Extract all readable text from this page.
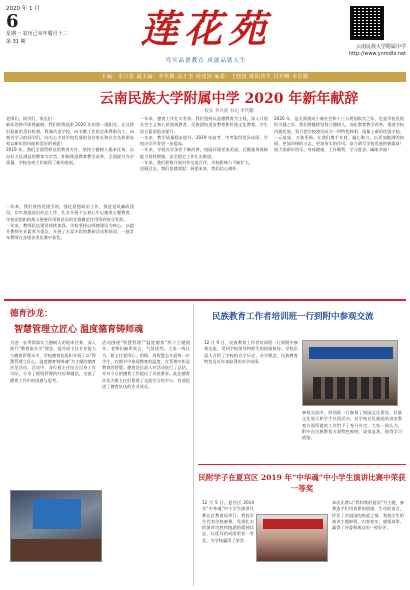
2020 年 1 月
6
星期一 农历己亥年腊月十二
第 31 期	莲花苑
笃实品德教育 成就品德人生
云南民族大学附属中学
http://www.ynmdfz.net
主编：李兴富 副主编：李代鹏 高才奎 杨建刚 编委：王晓波 欧阳善生 付玥飏 李思璐
云南民族大学附属中学 2020 年新年献辞
校长 李兴富 书记 李代鹏
老师们，同学们，家长们：
新年的钟声即将敲响，我们即将迎来 2020 年的第一缕阳光。在这辞旧迎新的美好时刻，我谨代表学校，向辛勤工作的全体教职员工，向刻苦学习的同学们，向关心支持学校发展的各位家长和社会各界朋友致以新年的问候和美好的祝愿！
2019 年，我们全面贯彻党的教育方针，坚持立德树人根本任务，以办好人民满意的教育为宗旨，积极推进教育教学改革，全面提升办学质量，学校各项工作取得了新的进展。
一年来，我们坚持党建引领，强化思想政治工作，推进党风廉政建设，切实加强意识形态工作，扎实开展不忘初心牢记使命主题教育，学校党组织的战斗堡垒作用和党员的先锋模范作用得到充分发挥。
一年来，教师队伍建设持续加强。学校坚持以师德建设为核心，以提升教师专业素养为重点，开展了丰富多彩的教研活动和培训，一批青年教师在各级各类比赛中获奖。
一年来，德育工作扎实有效。我们坚持以品德教育为主线，深入开展社会主义核心价值观教育、民族团结进步教育和传统文化教育，学生综合素质稳步提升。
一年来，教学质量稳步提升。2019 年高考、中考取得优异成绩，学校办学声誉进一步提高。
一年来，学校办学条件不断改善，校园环境更加美丽，后勤服务保障能力持续增强，安全稳定工作扎实推进。
一年来，我们积极开展对外交流合作，学校影响力不断扩大。
回顾过去，我们倍感欣慰；展望未来，我们信心满怀。
2020 年，是全面建成小康社会和十三五规划收官之年，也是学校发展的关键之年。我们将继续坚持立德树人，深化教育教学改革，推进学校内涵发展，努力把学校建设成为一所特色鲜明、质量上乘的优质学校。
一元复始，万象更新。让我们携手并肩，凝心聚力，以更加饱满的热情、更加昂扬的斗志、更加务实的作风，奋力谱写学校发展的新篇章！
祝大家新年快乐，身体健康，工作顺利，学习进步，阖家幸福！
德育沙龙：
智慧管理立匠心 温度德育铸师魂
为进一步贯彻落实立德树人的根本任务，深入推行“教育家办学”理念，提升班主任专业能力与德育管理水平，学校德育处组织开展了以“智慧管理立匠心，温度德育铸师魂”为主题的德育沙龙活动。活动中，各位班主任结合自身工作实际，分享了班级管理的经验和做法，交流了德育工作中的困惑与思考。
活动围绕“智慧管理”“温度德育”两个主题展开，老师们畅所欲言，气氛热烈。大家一致认为，班主任要用心、用情、用智慧去关爱每一位学生，在细节中体现教育的温度，在管理中彰显教育的智慧。德育处负责人对活动进行了总结，并对今后的德育工作提出了具体要求。此次德育沙龙为班主任们搭建了交流学习的平台，有效促进了德育队伍的专业成长。
民族教育工作者培训班一行到附中参观交流
12 月 9 日，民族教育工作者培训班一行到附中参观交流，受到学校领导和师生的热情接待。学校负责人介绍了学校的办学历史、办学理念、民族教育特色及近年来取得的办学成绩。
参观交流中，培训班一行参观了校园文化建设、民族文化展示和学生社团活动，对学校在民族团结进步教育方面所做的工作给予了充分肯定。大家一致认为，附中在民族教育方面特色鲜明、成效显著，值得学习借鉴。
民附学子在夏宫区 2019 年“中华魂”中小学生演讲比赛中荣获一等奖
12 月 5 日，夏宫区 2019 年“中华魂”中小学生演讲比赛在区教育局举行。我校学生代表学校参赛，凭借扎实的演讲功底和饱满的精神状态，以优异的成绩荣获一等奖，为学校赢得了荣誉。
本次比赛以“我和我的祖国”为主题，参赛选手们用真挚的情感、生动的语言，抒发了对祖国的热爱之情。我校学生的演讲主题鲜明、内容充实、感情真挚，赢得了评委和观众的一致好评。
